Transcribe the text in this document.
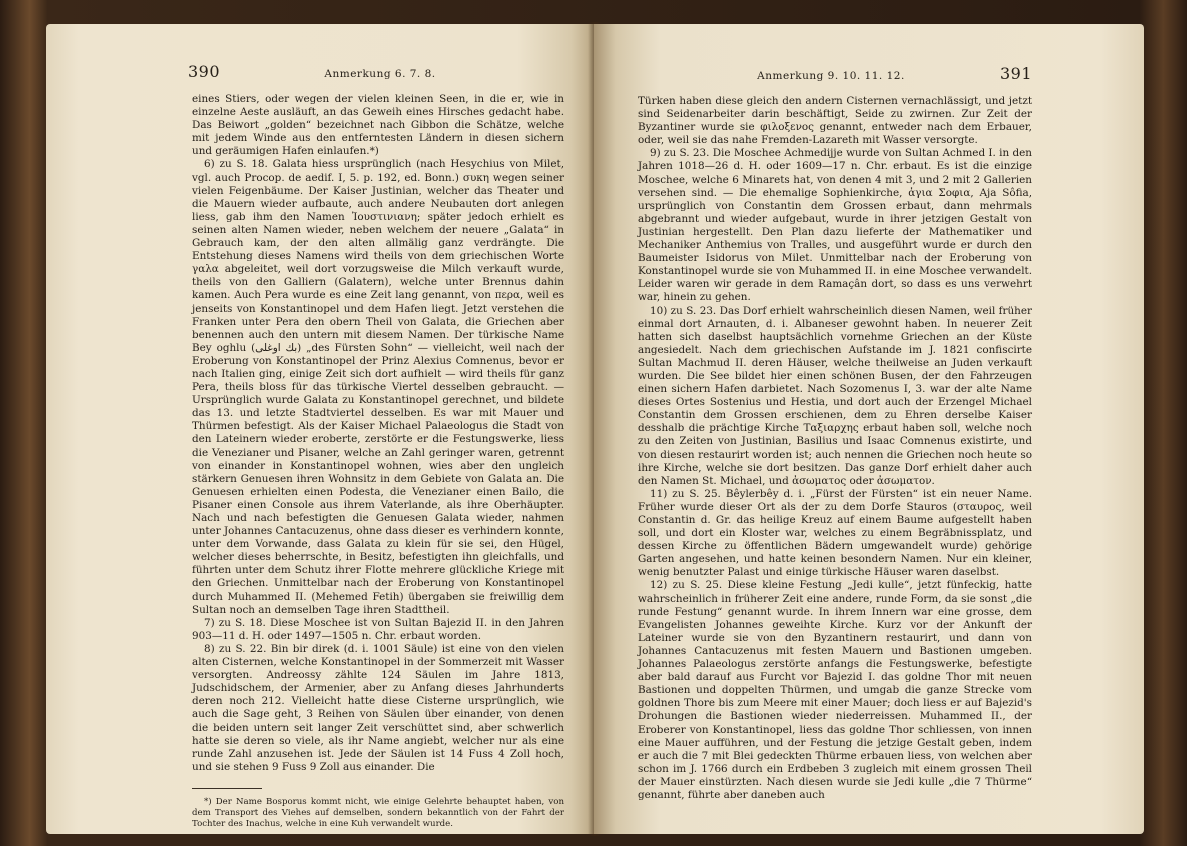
390	Anmerkung 6. 7. 8.

eines Stiers, oder wegen der vielen kleinen Seen, in die er, wie in einzelne Aeste ausläuft, an das Geweih eines Hirsches gedacht habe. Das Beiwort „golden“ bezeichnet nach Gibbon die Schätze, welche mit jedem Winde aus den entferntesten Ländern in diesen sichern und geräumigen Hafen einlaufen.*)

6) zu S. 18. Galata hiess ursprünglich (nach Hesychius von Milet, vgl. auch Procop. de aedif. I, 5. p. 192, ed. Bonn.) συκη wegen seiner vielen Feigenbäume. Der Kaiser Justinian, welcher das Theater und die Mauern wieder aufbaute, auch andere Neubauten dort anlegen liess, gab ihm den Namen Ἰουστινιανη; später jedoch erhielt es seinen alten Namen wieder, neben welchem der neuere „Galata“ in Gebrauch kam, der den alten allmälig ganz verdrängte. Die Entstehung dieses Namens wird theils von dem griechischen Worte γαλα abgeleitet, weil dort vorzugsweise die Milch verkauft wurde, theils von den Galliern (Galatern), welche unter Brennus dahin kamen. Auch Pera wurde es eine Zeit lang genannt, von περα, weil es jenseits von Konstantinopel und dem Hafen liegt. Jetzt verstehen die Franken unter Pera den obern Theil von Galata, die Griechen aber benennen auch den untern mit diesem Namen. Der türkische Name Bey oghlu (بك اوغلى) „des Fürsten Sohn“ — vielleicht, weil nach der Eroberung von Konstantinopel der Prinz Alexius Comnenus, bevor er nach Italien ging, einige Zeit sich dort aufhielt — wird theils für ganz Pera, theils bloss für das türkische Viertel desselben gebraucht. — Ursprünglich wurde Galata zu Konstantinopel gerechnet, und bildete das 13. und letzte Stadtviertel desselben. Es war mit Mauer und Thürmen befestigt. Als der Kaiser Michael Palaeologus die Stadt von den Lateinern wieder eroberte, zerstörte er die Festungswerke, liess die Venezianer und Pisaner, welche an Zahl geringer waren, getrennt von einander in Konstantinopel wohnen, wies aber den ungleich stärkern Genuesen ihren Wohnsitz in dem Gebiete von Galata an. Die Genuesen erhielten einen Podesta, die Venezianer einen Bailo, die Pisaner einen Console aus ihrem Vaterlande, als ihre Oberhäupter. Nach und nach befestigten die Genuesen Galata wieder, nahmen unter Johannes Cantacuzenus, ohne dass dieser es verhindern konnte, unter dem Vorwande, dass Galata zu klein für sie sei, den Hügel, welcher dieses beherrschte, in Besitz, befestigten ihn gleichfalls, und führten unter dem Schutz ihrer Flotte mehrere glückliche Kriege mit den Griechen. Unmittelbar nach der Eroberung von Konstantinopel durch Muhammed II. (Mehemed Fetih) übergaben sie freiwillig dem Sultan noch an demselben Tage ihren Stadttheil.

7) zu S. 18. Diese Moschee ist von Sultan Bajezid II. in den Jahren 903—11 d. H. oder 1497—1505 n. Chr. erbaut worden.

8) zu S. 22. Bin bir direk (d. i. 1001 Säule) ist eine von den vielen alten Cisternen, welche Konstantinopel in der Sommerzeit mit Wasser versorgten. Andreossy zählte 124 Säulen im Jahre 1813, Judschidschem, der Armenier, aber zu Anfang dieses Jahrhunderts deren noch 212. Vielleicht hatte diese Cisterne ursprünglich, wie auch die Sage geht, 3 Reihen von Säulen über einander, von denen die beiden untern seit langer Zeit verschüttet sind, aber schwerlich hatte sie deren so viele, als ihr Name angiebt, welcher nur als eine runde Zahl anzusehen ist. Jede der Säulen ist 14 Fuss 4 Zoll hoch, und sie stehen 9 Fuss 9 Zoll aus einander. Die

*) Der Name Bosporus kommt nicht, wie einige Gelehrte behauptet haben, von dem Transport des Viehes auf demselben, sondern bekanntlich von der Fahrt der Tochter des Inachus, welche in eine Kuh verwandelt wurde.

Anmerkung 9. 10. 11. 12.	391

Türken haben diese gleich den andern Cisternen vernachlässigt, und jetzt sind Seidenarbeiter darin beschäftigt, Seide zu zwirnen. Zur Zeit der Byzantiner wurde sie φιλοξενος genannt, entweder nach dem Erbauer, oder, weil sie das nahe Fremden-Lazareth mit Wasser versorgte.

9) zu S. 23. Die Moschee Achmedijje wurde von Sultan Achmed I. in den Jahren 1018—26 d. H. oder 1609—17 n. Chr. erbaut. Es ist die einzige Moschee, welche 6 Minarets hat, von denen 4 mit 3, und 2 mit 2 Gallerien versehen sind. — Die ehemalige Sophienkirche, ἁγια Σοφια, Aja Sôfia, ursprünglich von Constantin dem Grossen erbaut, dann mehrmals abgebrannt und wieder aufgebaut, wurde in ihrer jetzigen Gestalt von Justinian hergestellt. Den Plan dazu lieferte der Mathematiker und Mechaniker Anthemius von Tralles, und ausgeführt wurde er durch den Baumeister Isidorus von Milet. Unmittelbar nach der Eroberung von Konstantinopel wurde sie von Muhammed II. in eine Moschee verwandelt. Leider waren wir gerade in dem Ramaçân dort, so dass es uns verwehrt war, hinein zu gehen.

10) zu S. 23. Das Dorf erhielt wahrscheinlich diesen Namen, weil früher einmal dort Arnauten, d. i. Albaneser gewohnt haben. In neuerer Zeit hatten sich daselbst hauptsächlich vornehme Griechen an der Küste angesiedelt. Nach dem griechischen Aufstande im J. 1821 confiscirte Sultan Machmud II. deren Häuser, welche theilweise an Juden verkauft wurden. Die See bildet hier einen schönen Busen, der den Fahrzeugen einen sichern Hafen darbietet. Nach Sozomenus I, 3. war der alte Name dieses Ortes Sostenius und Hestia, und dort auch der Erzengel Michael Constantin dem Grossen erschienen, dem zu Ehren derselbe Kaiser desshalb die prächtige Kirche Ταξιαρχης erbaut haben soll, welche noch zu den Zeiten von Justinian, Basilius und Isaac Comnenus existirte, und von diesen restaurirt worden ist; auch nennen die Griechen noch heute so ihre Kirche, welche sie dort besitzen. Das ganze Dorf erhielt daher auch den Namen St. Michael, und ἀσωματος oder ἀσωματον.

11) zu S. 25. Bêylerbêy d. i. „Fürst der Fürsten“ ist ein neuer Name. Früher wurde dieser Ort als der zu dem Dorfe Stauros (σταυρος, weil Constantin d. Gr. das heilige Kreuz auf einem Baume aufgestellt haben soll, und dort ein Kloster war, welches zu einem Begräbnissplatz, und dessen Kirche zu öffentlichen Bädern umgewandelt wurde) gehörige Garten angesehen, und hatte keinen besondern Namen. Nur ein kleiner, wenig benutzter Palast und einige türkische Häuser waren daselbst.

12) zu S. 25. Diese kleine Festung „Jedi kulle“, jetzt fünfeckig, hatte wahrscheinlich in früherer Zeit eine andere, runde Form, da sie sonst „die runde Festung“ genannt wurde. In ihrem Innern war eine grosse, dem Evangelisten Johannes geweihte Kirche. Kurz vor der Ankunft der Lateiner wurde sie von den Byzantinern restaurirt, und dann von Johannes Cantacuzenus mit festen Mauern und Bastionen umgeben. Johannes Palaeologus zerstörte anfangs die Festungswerke, befestigte aber bald darauf aus Furcht vor Bajezid I. das goldne Thor mit neuen Bastionen und doppelten Thürmen, und umgab die ganze Strecke vom goldnen Thore bis zum Meere mit einer Mauer; doch liess er auf Bajezid's Drohungen die Bastionen wieder niederreissen. Muhammed II., der Eroberer von Konstantinopel, liess das goldne Thor schliessen, von innen eine Mauer aufführen, und der Festung die jetzige Gestalt geben, indem er auch die 7 mit Blei gedeckten Thürme erbauen liess, von welchen aber schon im J. 1766 durch ein Erdbeben 3 zugleich mit einem grossen Theil der Mauer einstürzten. Nach diesen wurde sie Jedi kulle „die 7 Thürme“ genannt, führte aber daneben auch
